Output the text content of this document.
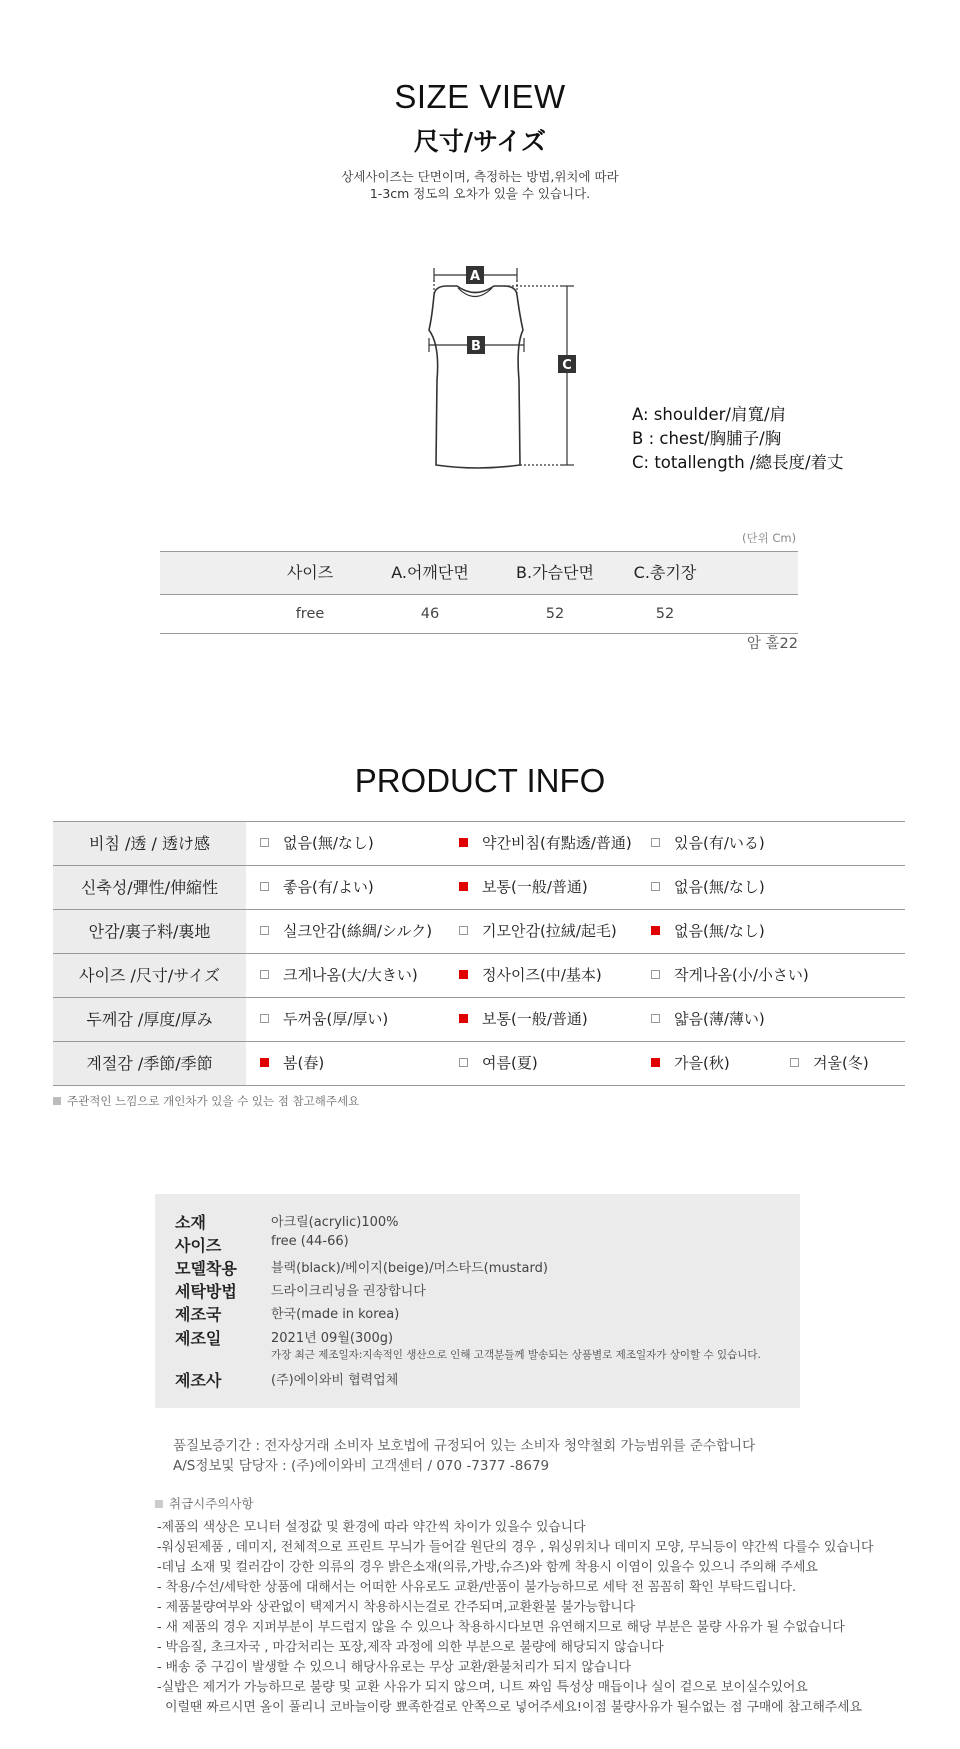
SIZE VIEW
尺寸/サイズ
상세사이즈는 단면이며, 측정하는 방법,위치에 따라
1-3cm 정도의 오차가 있을 수 있습니다.
A
B
C
A: shoulder/肩寬/肩
B : chest/胸脯子/胸
C: totallength /總長度/着丈
(단위 Cm)
사이즈	A.어깨단면	B.가슴단면	C.총기장
free	46	52	52
암 홀22
PRODUCT INFO
비침 /透 / 透け感	없음(無/なし)	약간비침(有點透/普通)	있음(有/いる)
신축성/彈性/伸縮性	좋음(有/よい)	보통(一般/普通)	없음(無/なし)
안감/裏子料/裏地	실크안감(絲綢/シルク)	기모안감(拉絨/起毛)	없음(無/なし)
사이즈 /尺寸/サイズ	크게나옴(大/大きい)	정사이즈(中/基本)	작게나옴(小/小さい)
두께감 /厚度/厚み	두꺼움(厚/厚い)	보통(一般/普通)	얇음(薄/薄い)
계절감 /季節/季節	봄(春)	여름(夏)	가을(秋)	겨울(冬)
주관적인 느낌으로 개인차가 있을 수 있는 점 참고해주세요
소재	아크릴(acrylic)100%
사이즈	free (44-66)
모델착용	블랙(black)/베이지(beige)/머스타드(mustard)
세탁방법	드라이크리닝을 권장합니다
제조국	한국(made in korea)
제조일	2021년 09월(300g)
가장 최근 제조일자:지속적인 생산으로 인해 고객분들께 발송되는 상품별로 제조일자가 상이할 수 있습니다.
제조사	(주)에이와비 협력업체
품질보증기간 : 전자상거래 소비자 보호법에 규정되어 있는 소비자 청약철회 가능범위를 준수합니다
A/S정보및 담당자 : (주)에이와비 고객센터 / 070 -7377 -8679
취급시주의사항
-제품의 색상은 모니터 설정값 및 환경에 따라 약간씩 차이가 있을수 있습니다
-워싱된제품 , 데미지, 전체적으로 프린트 무늬가 들어갈 원단의 경우 , 워싱위치나 데미지 모양, 무늬등이 약간씩 다를수 있습니다
-데님 소재 및 컬러감이 강한 의류의 경우 밝은소재(의류,가방,슈즈)와 함께 착용시 이염이 있을수 있으니 주의해 주세요
- 착용/수선/세탁한 상품에 대해서는 어떠한 사유로도 교환/반품이 불가능하므로 세탁 전 꼼꼼히 확인 부탁드립니다.
- 제품불량여부와 상관없이 택제거시 착용하시는걸로 간주되며,교환환불 불가능합니다
- 새 제품의 경우 지퍼부분이 부드럽지 않을 수 있으나 착용하시다보면 유연해지므로 해당 부분은 불량 사유가 될 수없습니다
- 박음질, 초크자국 , 마감처리는 포장,제작 과정에 의한 부분으로 불량에 해당되지 않습니다
- 배송 중 구김이 발생할 수 있으니 해당사유로는 무상 교환/환불처리가 되지 않습니다
-실밥은 제거가 가능하므로 불량 및 교환 사유가 되지 않으며, 니트 짜임 특성상 매듭이나 실이 겉으로 보이실수있어요
이럴땐 짜르시면 올이 풀리니 코바늘이랑 뾰족한걸로 안쪽으로 넣어주세요!이점 불량사유가 될수없는 점 구매에 참고해주세요
